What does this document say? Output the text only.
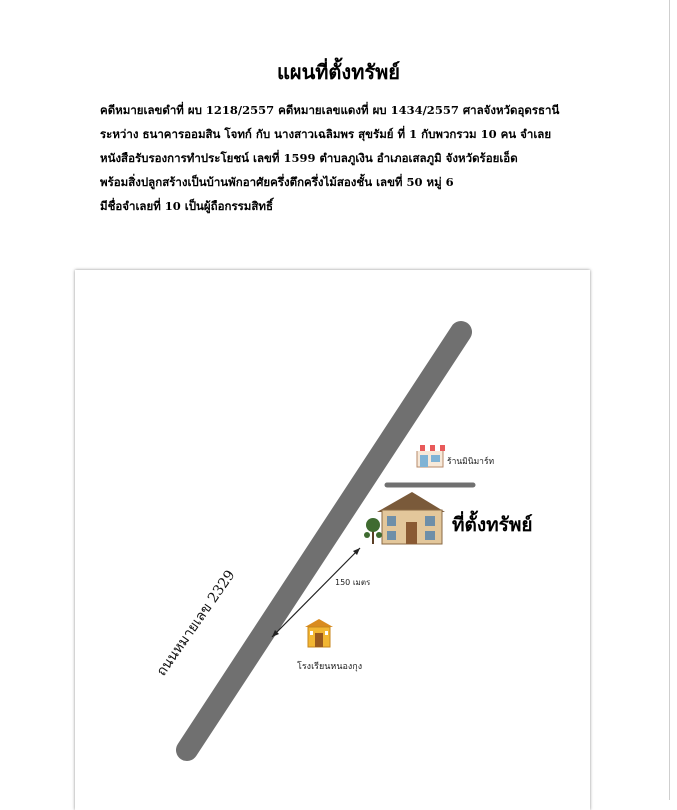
แผนที่ตั้งทรัพย์
คดีหมายเลขดำที่ ผบ 1218/2557 คดีหมายเลขแดงที่ ผบ 1434/2557 ศาลจังหวัดอุดรธานี
ระหว่าง ธนาคารออมสิน โจทก์ กับ นางสาวเฉลิมพร สุขรัมย์ ที่ 1 กับพวกรวม 10 คน จำเลย
หนังสือรับรองการทำประโยชน์ เลขที่ 1599 ตำบลภูเงิน อำเภอเสลภูมิ จังหวัดร้อยเอ็ด
พร้อมสิ่งปลูกสร้างเป็นบ้านพักอาศัยครึ่งตึกครึ่งไม้สองชั้น เลขที่ 50 หมู่ 6
มีชื่อจำเลยที่ 10 เป็นผู้ถือกรรมสิทธิ์
ร้านมินิมาร์ท
ที่ตั้งทรัพย์
150 เมตร
โรงเรียนหนองกุง
ถนนหมายเลข 2329
